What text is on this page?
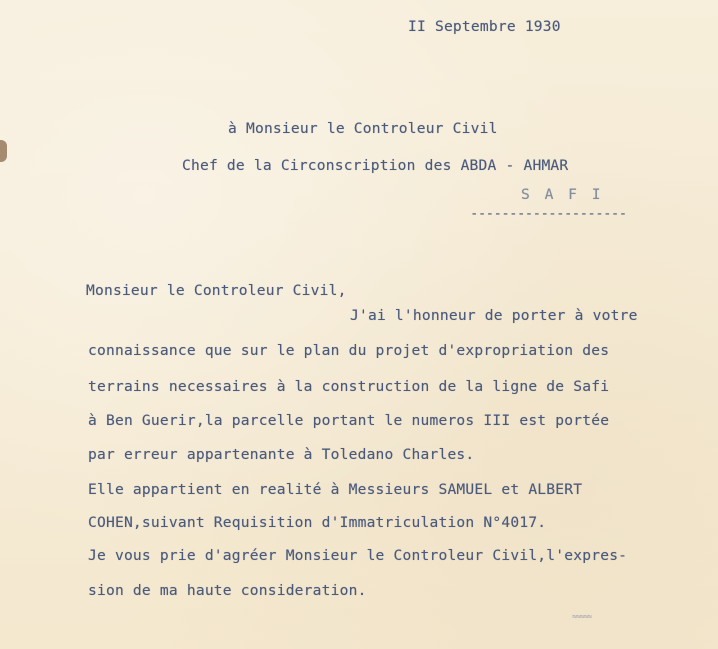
II Septembre 1930
à Monsieur le Controleur Civil
Chef de la Circonscription des ABDA - AHMAR
S A F I
--------------------
Monsieur le Controleur Civil,
J'ai l'honneur de porter à votre
connaissance que sur le plan du projet d'expropriation des
terrains necessaires à la construction de la ligne de Safi
à Ben Guerir,la parcelle portant le numeros III est portée
par erreur appartenante à Toledano Charles.
Elle appartient en realité à Messieurs SAMUEL et ALBERT
COHEN,suivant Requisition d'Immatriculation N°4017.
Je vous prie d'agréer Monsieur le Controleur Civil,l'expres-
sion de ma haute consideration.
≈≈≈≈≈
